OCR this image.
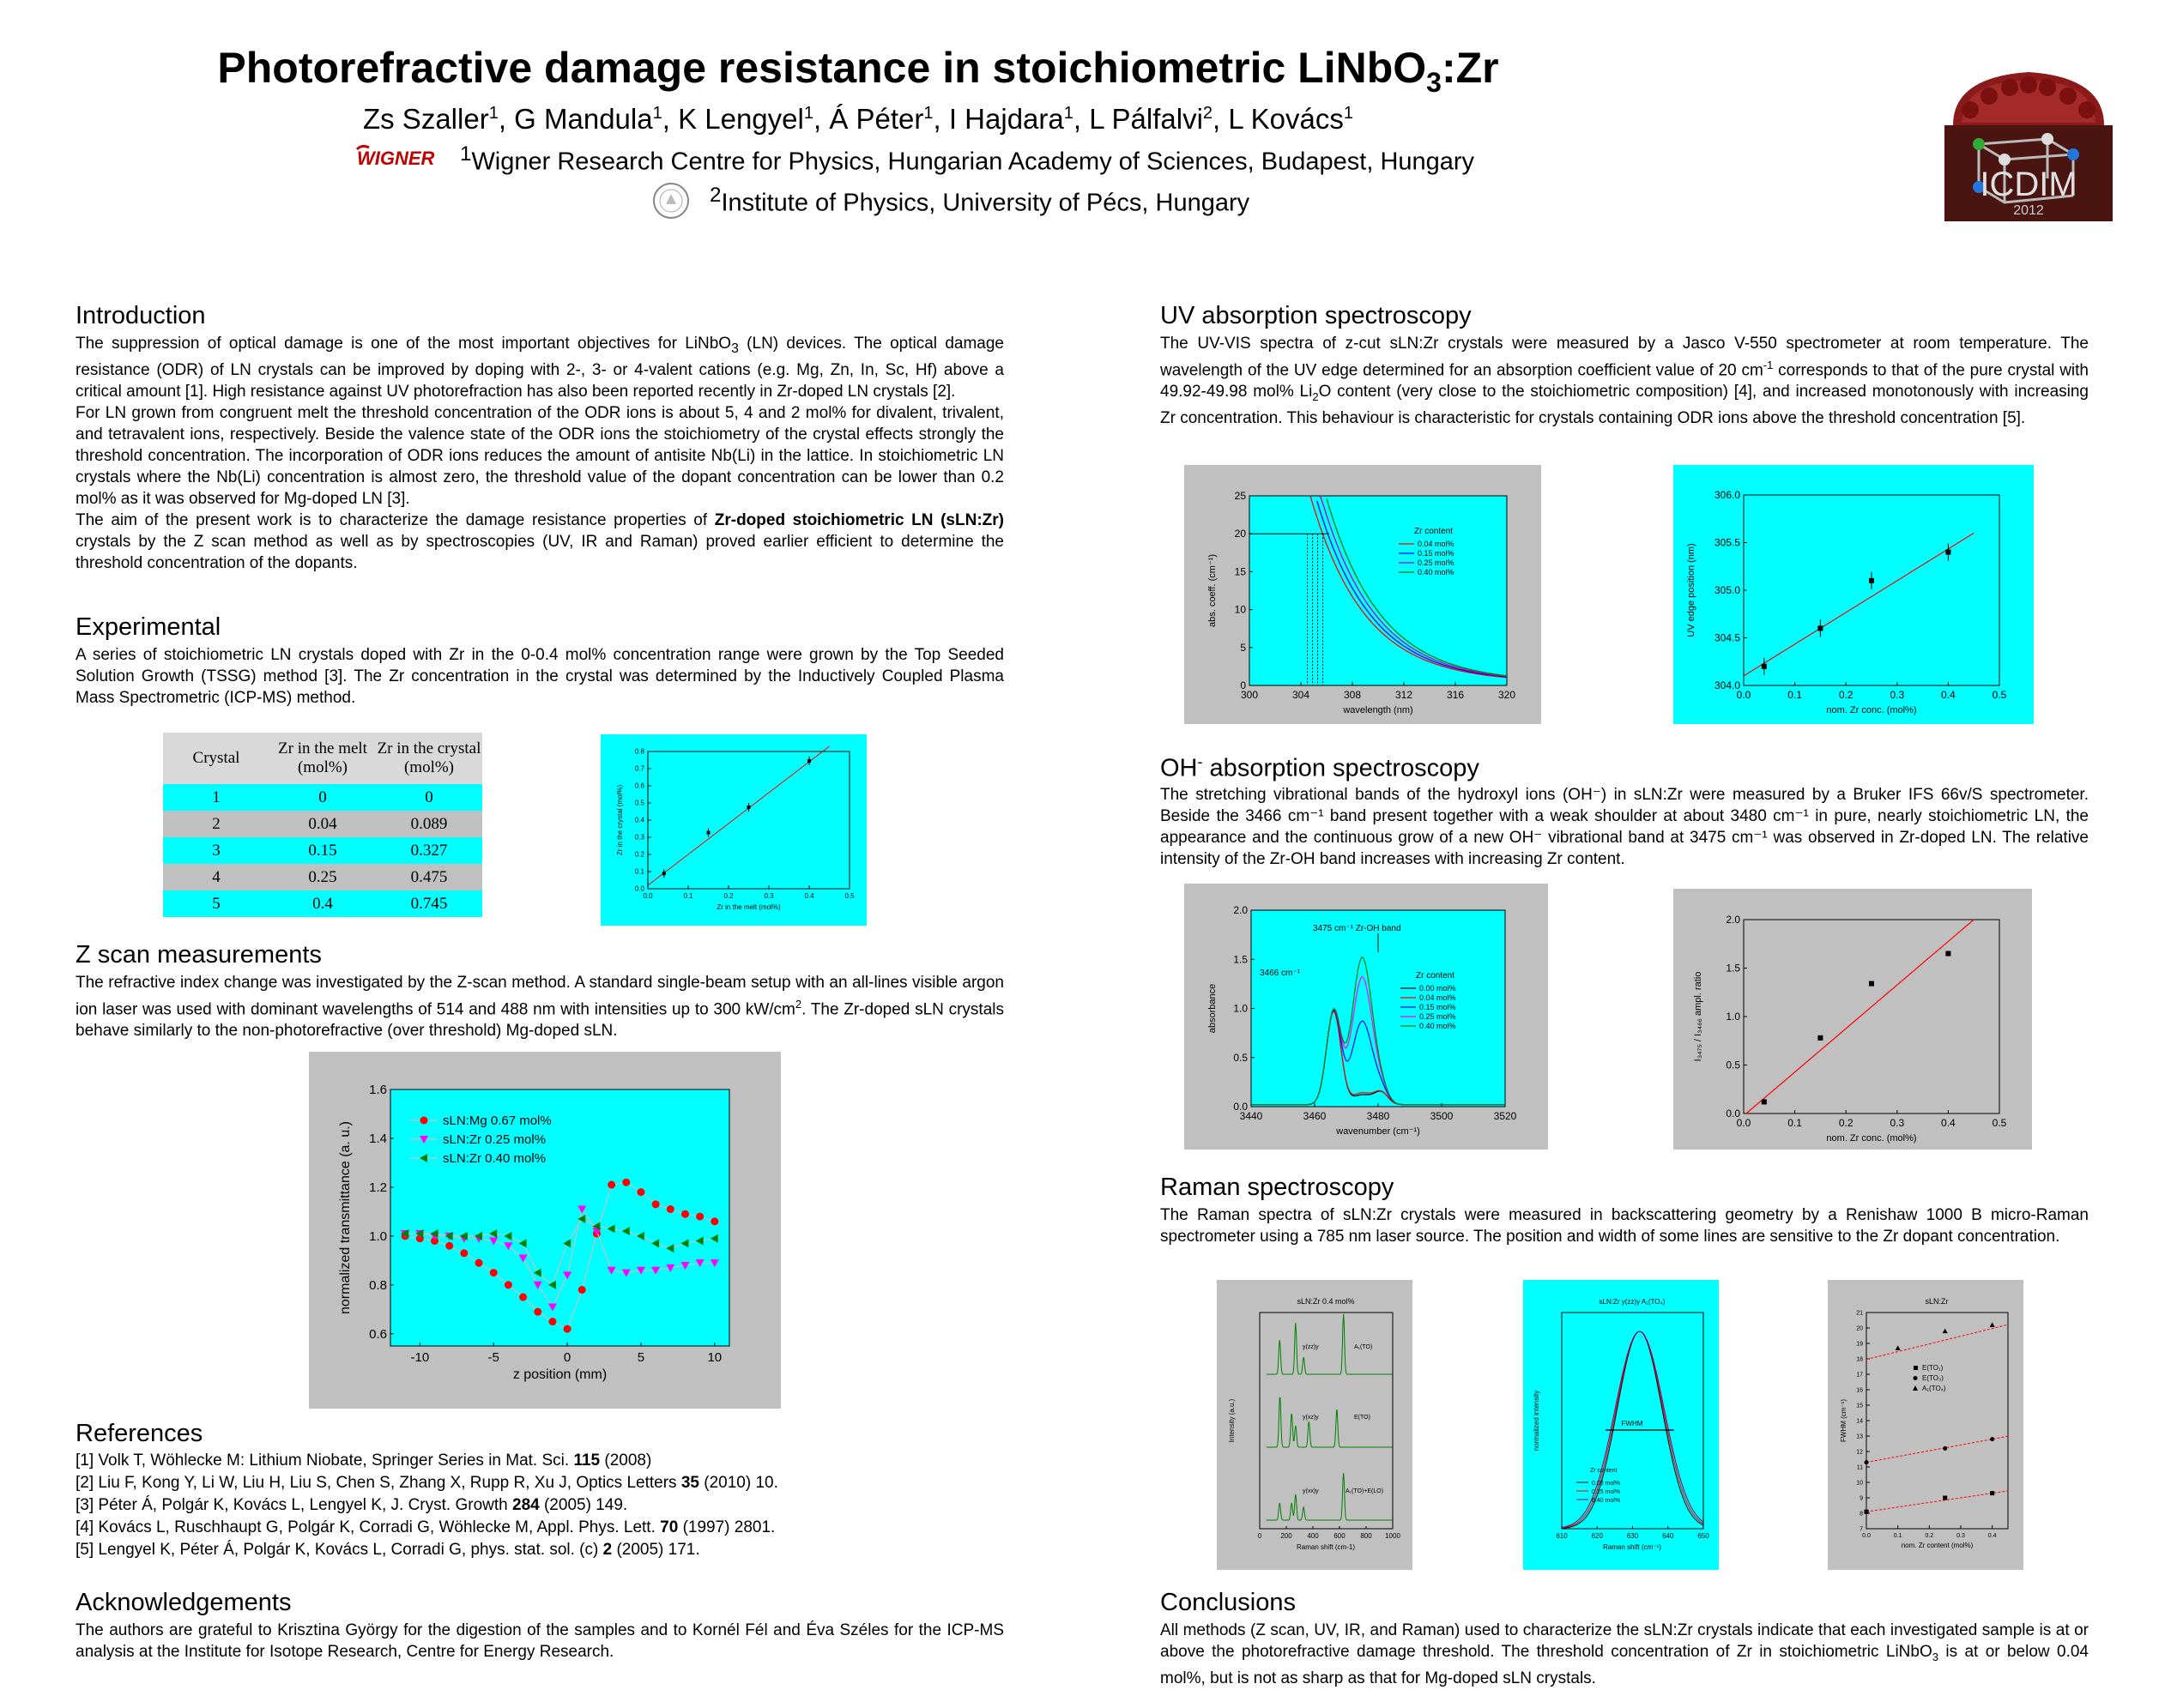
Photorefractive damage resistance in stoichiometric LiNbO$_3$:Zr
Zs Szaller$^1$, G Mandula$^1$, K Lengyel$^1$, Á Péter$^1$, I Hajdara$^1$, L Pálfalvi$^2$, L Kovács$^1$
WIGNER $^1$Wigner Research Centre for Physics, Hungarian Academy of Sciences, Budapest, Hungary
$^2$Institute of Physics, University of Pécs, Hungary	ICDIM
2012
Introduction

The suppression of optical damage is one of the most important objectives for LiNbO$_3$ (LN) devices. The optical damage resistance (ODR) of LN crystals can be improved by doping with 2-, 3- or 4-valent cations (e.g. Mg, Zn, In, Sc, Hf) above a critical amount [1]. High resistance against UV photorefraction has also been reported recently in Zr-doped LN crystals [2].

For LN grown from congruent melt the threshold concentration of the ODR ions is about 5, 4 and 2 mol% for divalent, trivalent, and tetravalent ions, respectively. Beside the valence state of the ODR ions the stoichiometry of the crystal effects strongly the threshold concentration. The incorporation of ODR ions reduces the amount of antisite Nb(Li) in the lattice. In stoichiometric LN crystals where the Nb(Li) concentration is almost zero, the threshold value of the dopant concentration can be lower than 0.2 mol% as it was observed for Mg-doped LN [3].

The aim of the present work is to characterize the damage resistance properties of Zr-doped stoichiometric LN (sLN:Zr) crystals by the Z scan method as well as by spectroscopies (UV, IR and Raman) proved earlier efficient to determine the threshold concentration of the dopants.

Experimental
A series of stoichiometric LN crystals doped with Zr in the 0-0.4 mol% concentration range were grown by the Top Seeded Solution Growth (TSSG) method [3]. The Zr concentration in the crystal was determined by the Inductively Coupled Plasma Mass Spectrometric (ICP-MS) method.
Crystal	Zr in the melt (mol%)	Zr in the crystal (mol%)
1	0	0
2	0.04	0.089
3	0.15	0.327
4	0.25	0.475
5	0.4	0.745	0.0	0.1	0.2	0.3	0.4	0.5
0.0
0.1
0.2
0.3
0.4
0.5
0.6
0.7
0.8
Zr in the melt (mol%)
Zr in the crystal (mol%)
Z scan measurements
The refractive index change was investigated by the Z-scan method. A standard single-beam setup with an all-lines visible argon ion laser was used with dominant wavelengths of 514 and 488 nm with intensities up to 300 $kW/cm^2$. The Zr-doped sLN crystals behave similarly to the non-photorefractive (over threshold) Mg-doped sLN.
-10	-5	0	5	10
0.6
0.8
1.0
1.2
1.4
1.6
z position (mm)
normalized transmittance (a. u.)
sLN:Mg 0.67 mol%
sLN:Zr 0.25 mol%
sLN:Zr 0.40 mol%
References
[1] Volk T, Wöhlecke M: Lithium Niobate, Springer Series in Mat. Sci. 115 (2008)
[2] Liu F, Kong Y, Li W, Liu H, Liu S, Chen S, Zhang X, Rupp R, Xu J, Optics Letters 35 (2010) 10.
[3] Péter Á, Polgár K, Kovács L, Lengyel K, J. Cryst. Growth 284 (2005) 149.
[4] Kovács L, Ruschhaupt G, Polgár K, Corradi G, Wöhlecke M, Appl. Phys. Lett. 70 (1997) 2801.
[5] Lengyel K, Péter Á, Polgár K, Kovács L, Corradi G, phys. stat. sol. (c) 2 (2005) 171.
Acknowledgements
The authors are grateful to Krisztina György for the digestion of the samples and to Kornél Fél and Éva Széles for the ICP-MS analysis at the Institute for Isotope Research, Centre for Energy Research.
UV absorption spectroscopy
The UV-VIS spectra of z-cut sLN:Zr crystals were measured by a Jasco V-550 spectrometer at room temperature. The wavelength of the UV edge determined for an absorption coefficient value of 20 $cm^{-1}$ corresponds to that of the pure crystal with 49.92-49.98 mol% $Li_2O$ content (very close to the stoichiometric composition) [4], and increased monotonously with increasing Zr concentration. This behaviour is characteristic for crystals containing ODR ions above the threshold concentration [5].
300	304	308	312	316	320
0
5
10
15
20
25
wavelength (nm)
abs. coeff. (cm⁻¹)
Zr content
0.04 mol%
0.15 mol%
0.25 mol%
0.40 mol%
0.0	0.1	0.2	0.3	0.4	0.5
304.0
304.5
305.0
305.5
306.0
nom. Zr conc. (mol%)
UV edge position (nm)
OH- absorption spectroscopy
The stretching vibrational bands of the hydroxyl ions (OH⁻) in sLN:Zr were measured by a Bruker IFS 66v/S spectrometer. Beside the 3466 cm⁻¹ band present together with a weak shoulder at about 3480 cm⁻¹ in pure, nearly stoichiometric LN, the appearance and the continuous grow of a new OH⁻ vibrational band at 3475 cm⁻¹ was observed in Zr-doped LN. The relative intensity of the Zr-OH band increases with increasing Zr content.
3440	3460	3480	3500	3520
0.0
0.5
1.0
1.5
2.0
wavenumber (cm⁻¹)
absorbance
3475 cm⁻¹ Zr-OH band
3466 cm⁻¹	Zr content
0.00 mol%
0.04 mol%
0.15 mol%
0.25 mol%
0.40 mol%
0.0	0.1	0.2	0.3	0.4	0.5
0.0
0.5
1.0
1.5
2.0
nom. Zr conc. (mol%)
I₃₄₇₅ / I₃₄₆₆ ampl. ratio
Raman spectroscopy
The Raman spectra of sLN:Zr crystals were measured in backscattering geometry by a Renishaw 1000 B micro-Raman spectrometer using a 785 nm laser source. The position and width of some lines are sensitive to the Zr dopant concentration.
sLN:Zr 0.4 mol%
0	200 400 600 800 1000
Raman shift (cm-1)
Intensity (a.u.)
y(zz)y	A₁(TO)
y(xz)y	E(TO)
y(xx)y	A₁(TO)+E(LO)
sLN:Zr y(zz)y A₁(TO₄)
610	620	630	640	650
Raman shift (cm⁻¹)
normalized intensity	FWHM
Zr content
0.00 mol%
0.25 mol%
0.40 mol%
sLN:Zr
0.0	0.1	0.2	0.3	0.4
7
8
9
10
11
12
13
14
15
16
17
18
19
20
21
nom. Zr content (mol%)
FWHM (cm⁻¹)
E(TO₁)
E(TO₃)
A₁(TO₄)
Conclusions
All methods (Z scan, UV, IR, and Raman) used to characterize the sLN:Zr crystals indicate that each investigated sample is at or above the photorefractive damage threshold. The threshold concentration of Zr in stoichiometric LiNbO$_3$ is at or below 0.04 mol%, but is not as sharp as that for Mg-doped sLN crystals.
